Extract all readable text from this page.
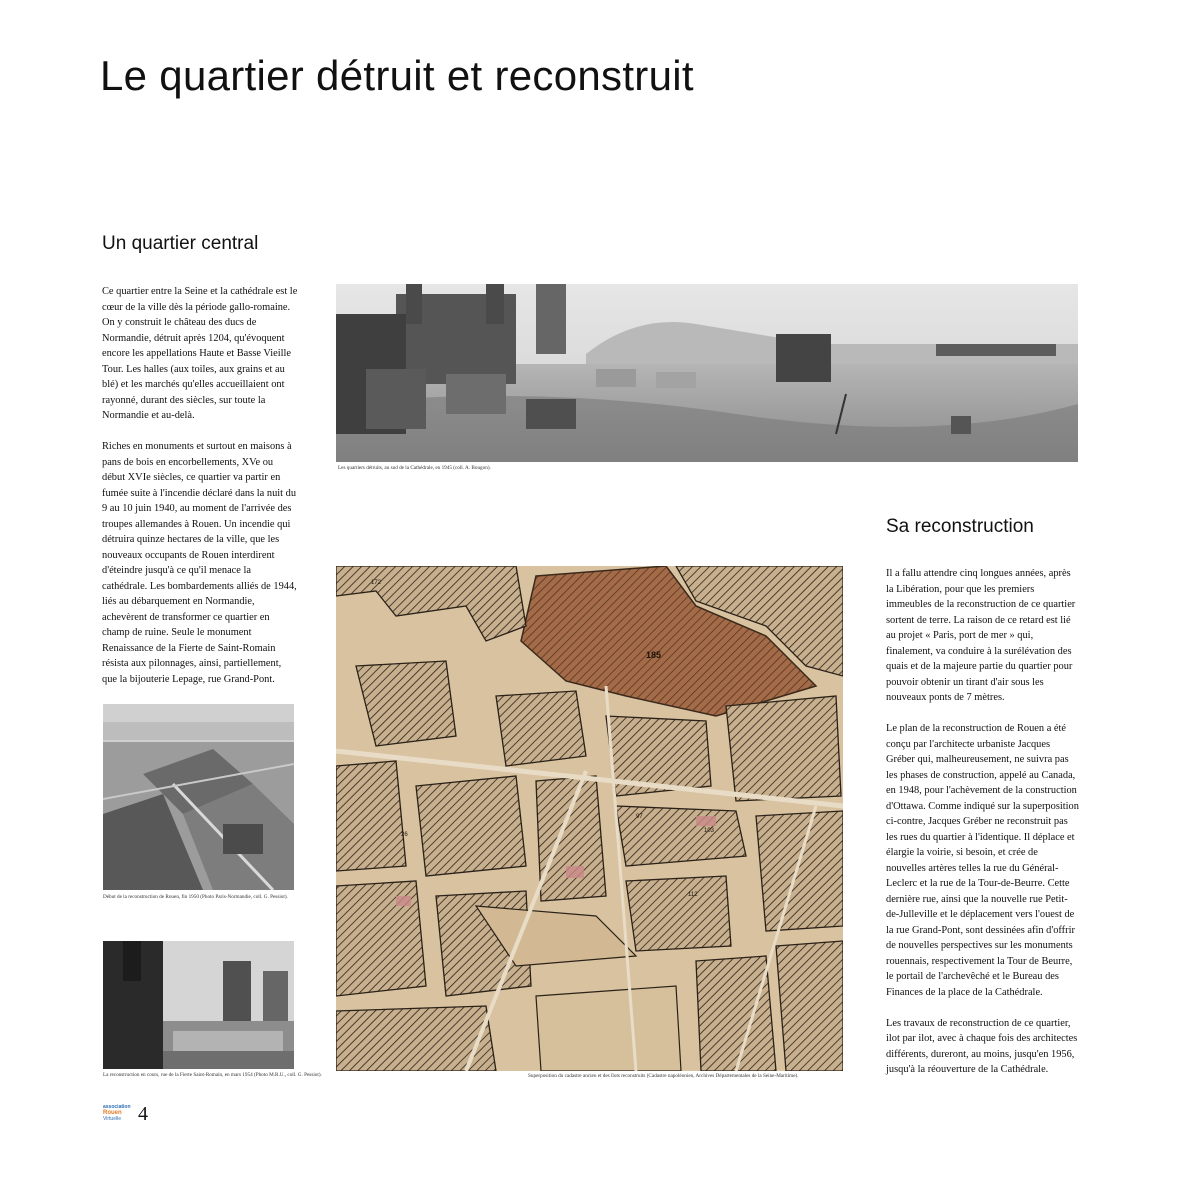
Le quartier détruit et reconstruit
Un quartier central

Ce quartier entre la Seine et la cathédrale est le cœur de la ville dès la période gallo-romaine. On y construit le château des ducs de Normandie, détruit après 1204, qu'évoquent encore les appellations Haute et Basse Vieille Tour. Les halles (aux toiles, aux grains et au blé) et les marchés qu'elles accueillaient ont rayonné, durant des siècles, sur toute la Normandie et au-delà.

Riches en monuments et surtout en maisons à pans de bois en encorbellements, XVe ou début XVIe siècles, ce quartier va partir en fumée suite à l'incendie déclaré dans la nuit du 9 au 10 juin 1940, au moment de l'arrivée des troupes allemandes à Rouen. Un incendie qui détruira quinze hectares de la ville, que les nouveaux occupants de Rouen interdirent d'éteindre jusqu'à ce qu'il menace la cathédrale. Les bombardements alliés de 1944, liés au débarquement en Normandie, achevèrent de transformer ce quartier en champ de ruine. Seule le monument Renaissance de la Fierte de Saint-Romain résista aux pilonnages, ainsi, partiellement, que la bijouterie Lepage, rue Grand-Pont.

Les quartiers détruits, au sud de la Cathédrale, en 1945 (coll. A. Bougon).
Début de la reconstruction de Rouen, fin 1950 (Photo Paris-Normandie, coll. G. Pessiot).
La reconstruction en cours, rue de la Fierte Saint-Romain, en mars 1954 (Photo M.R.U., coll. G. Pessiot).
185
112
172
103
97
26
Superposition du cadastre ancien et des îlots reconstruits (Cadastre napoléonien, Archives Départementales de la Seine-Maritime).
Sa reconstruction

Il a fallu attendre cinq longues années, après la Libération, pour que les premiers immeubles de la reconstruction de ce quartier sortent de terre. La raison de ce retard est lié au projet « Paris, port de mer » qui, finalement, va conduire à la surélévation des quais et de la majeure partie du quartier pour pouvoir obtenir un tirant d'air sous les nouveaux ponts de 7 mètres.

Le plan de la reconstruction de Rouen a été conçu par l'architecte urbaniste Jacques Gréber qui, malheureusement, ne suivra pas les phases de construction, appelé au Canada, en 1948, pour l'achèvement de la construction d'Ottawa. Comme indiqué sur la superposition ci-contre, Jacques Gréber ne reconstruit pas les rues du quartier à l'identique. Il déplace et élargie la voirie, si besoin, et crée de nouvelles artères telles la rue du Général-Leclerc et la rue de la Tour-de-Beurre. Cette dernière rue, ainsi que la nouvelle rue Petit-de-Julleville et le déplacement vers l'ouest de la rue Grand-Pont, sont dessinées afin d'offrir de nouvelles perspectives sur les monuments rouennais, respectivement la Tour de Beurre, le portail de l'archevêché et le Bureau des Finances de la place de la Cathédrale.

Les travaux de reconstruction de ce quartier, ilot par ilot, avec à chaque fois des architectes différents, dureront, au moins, jusqu'en 1956, jusqu'à la réouverture de la Cathédrale.

association
Rouen
Virtuelle 4
